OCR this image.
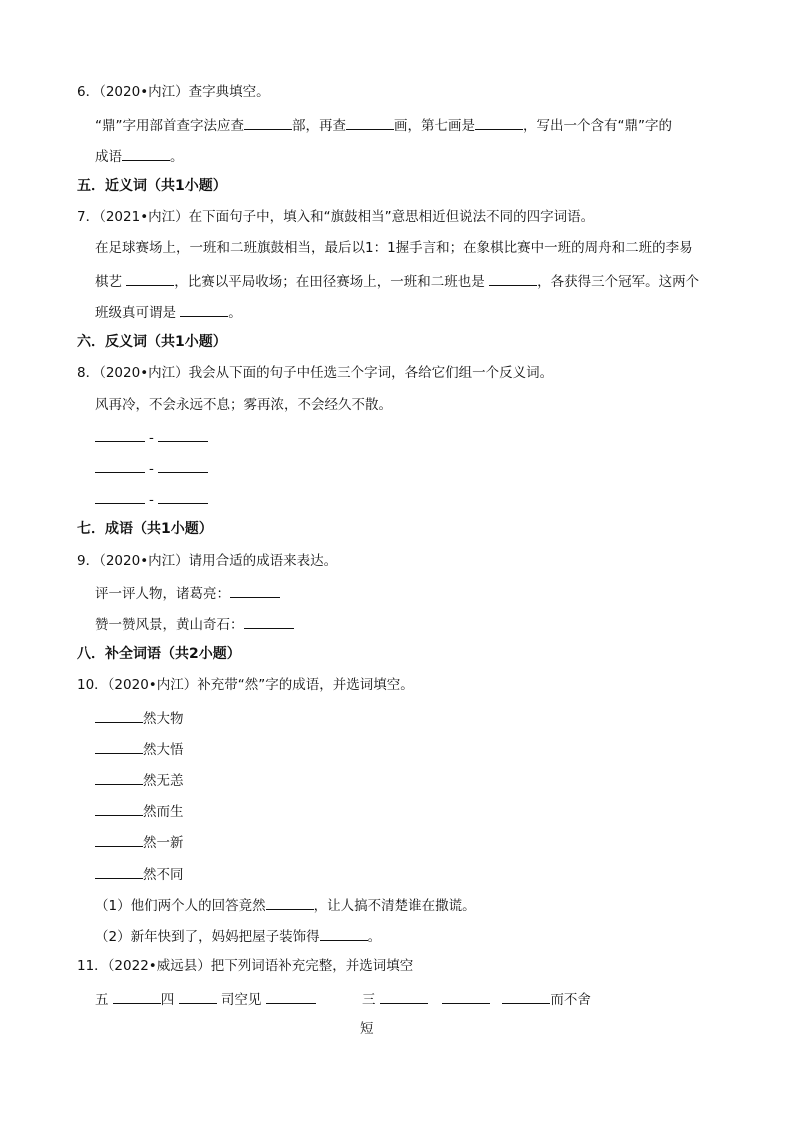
6．（2020•内江）查字典填空。
“鼎”字用部首查字法应查	部，再查	画，第七画是	，写出一个含有“鼎”字的
成语	。
五．近义词（共1小题）
7．（2021•内江）在下面句子中，填入和“旗鼓相当”意思相近但说法不同的四字词语。
在足球赛场上，一班和二班旗鼓相当，最后以1：1握手言和；在象棋比赛中一班的周舟和二班的李易
棋艺	，比赛以平局收场；在田径赛场上，一班和二班也是	，各获得三个冠军。这两个
班级真可谓是	。
六．反义词（共1小题）
8．（2020•内江）我会从下面的句子中任选三个字词，各给它们组一个反义词。
风再冷，不会永远不息；雾再浓，不会经久不散。
-
-
-
七．成语（共1小题）
9．（2020•内江）请用合适的成语来表达。
评一评人物，诸葛亮：
赞一赞风景，黄山奇石：
八．补全词语（共2小题）
10．（2020•内江）补充带“然”字的成语，并选词填空。
然大物
然大悟
然无恙
然而生
然一新
然不同
（1）他们两个人的回答竟然	，让人搞不清楚谁在撒谎。
（2）新年快到了，妈妈把屋子装饰得	。
11．（2022•威远县）把下列词语补充完整，并选词填空
五	四	司空见	三	而不舍
短
